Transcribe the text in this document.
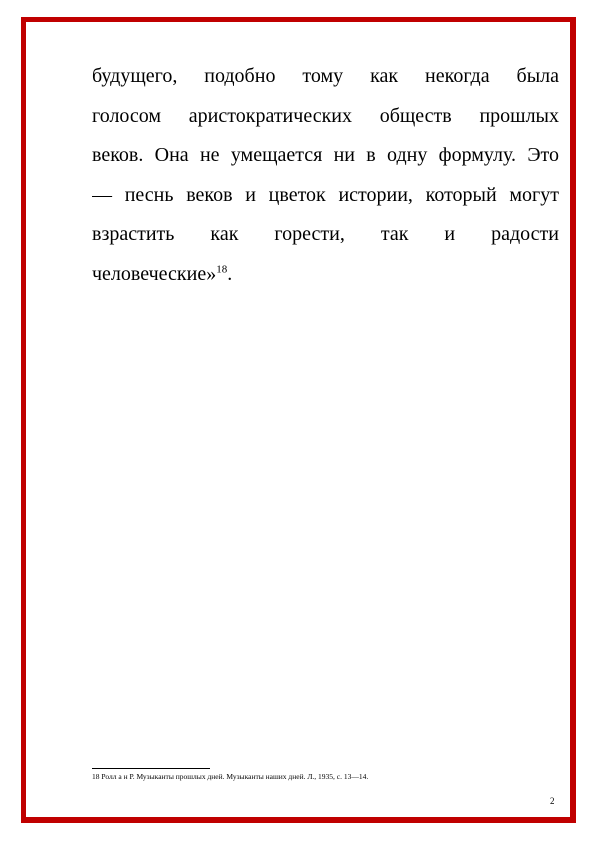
будущего, подобно тому как некогда была
голосом аристократических обществ прошлых
веков. Она не умещается ни в одну формулу. Это
— песнь веков и цветок истории, который могут
взрастить как горести, так и радости
человеческие»$^{18}$.

18 Ролл а н Р. Музыканты прошлых дней. Музыканты наших дней. Л., 1935, с. 13—14.

2
